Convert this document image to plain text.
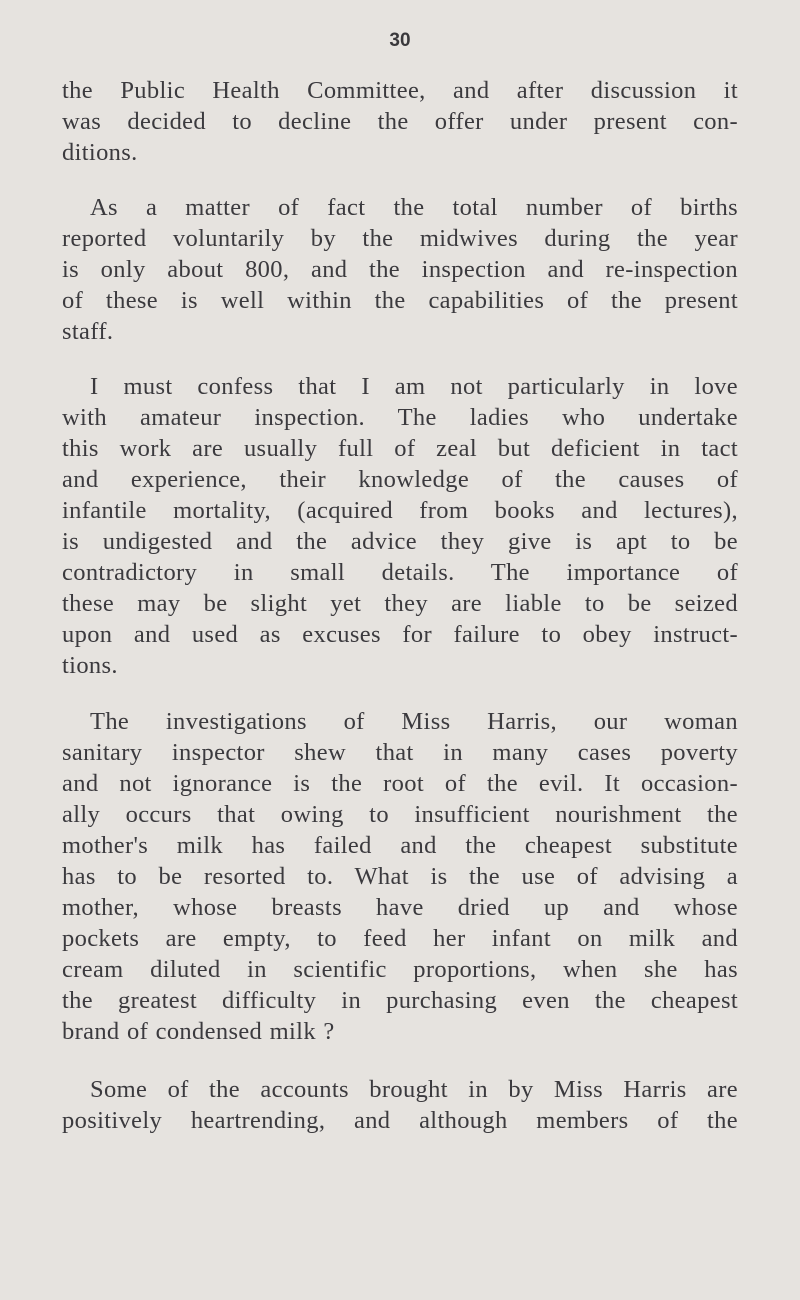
30
the Public Health Committee, and after discussion it
was decided to decline the offer under present con-
ditions.
As a matter of fact the total number of births
reported voluntarily by the midwives during the year
is only about 800, and the inspection and re-inspection
of these is well within the capabilities of the present
staff.
I must confess that I am not particularly in love
with amateur inspection. The ladies who undertake
this work are usually full of zeal but deficient in tact
and experience, their knowledge of the causes of
infantile mortality, (acquired from books and lectures),
is undigested and the advice they give is apt to be
contradictory in small details. The importance of
these may be slight yet they are liable to be seized
upon and used as excuses for failure to obey instruct-
tions.
The investigations of Miss Harris, our woman
sanitary inspector shew that in many cases poverty
and not ignorance is the root of the evil. It occasion-
ally occurs that owing to insufficient nourishment the
mother's milk has failed and the cheapest substitute
has to be resorted to. What is the use of advising a
mother, whose breasts have dried up and whose
pockets are empty, to feed her infant on milk and
cream diluted in scientific proportions, when she has
the greatest difficulty in purchasing even the cheapest
brand of condensed milk ?
Some of the accounts brought in by Miss Harris are
positively heartrending, and although members of the
